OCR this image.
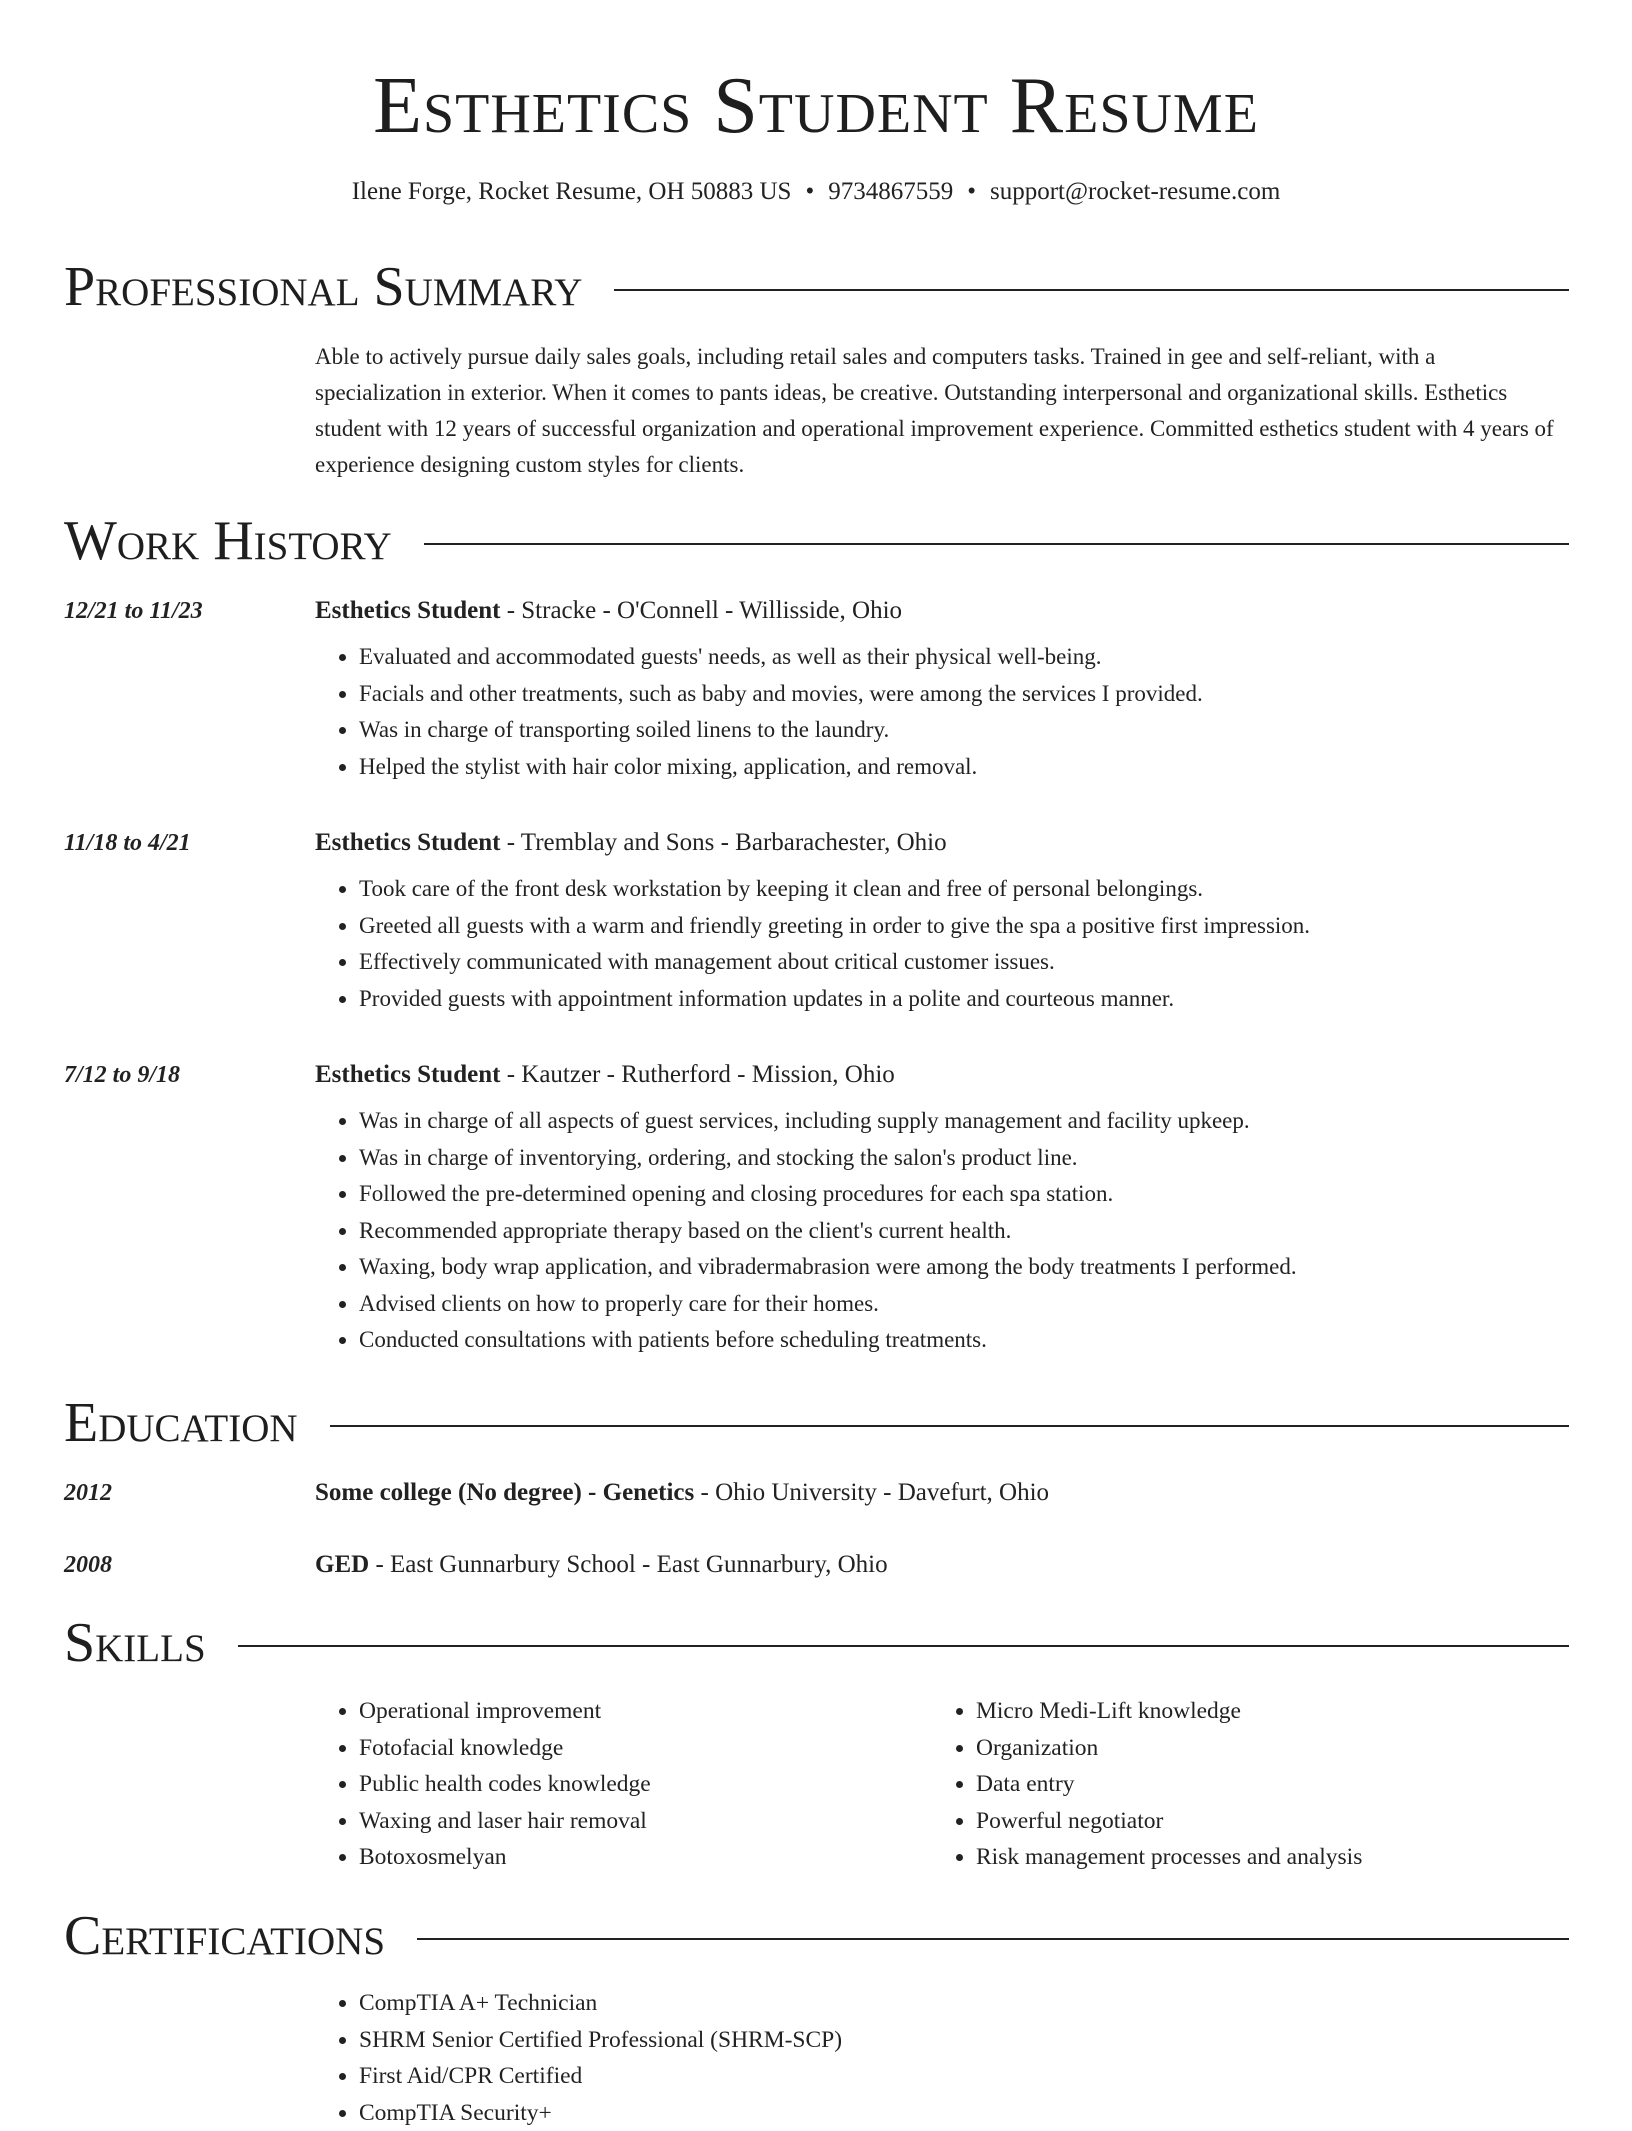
Esthetics Student Resume
Ilene Forge, Rocket Resume, OH 50883 US • 9734867559 • support@rocket-resume.com
Professional Summary
Able to actively pursue daily sales goals, including retail sales and computers tasks. Trained in gee and self-reliant, with a specialization in exterior. When it comes to pants ideas, be creative. Outstanding interpersonal and organizational skills. Esthetics student with 12 years of successful organization and operational improvement experience. Committed esthetics student with 4 years of experience designing custom styles for clients.
Work History
12/21 to 11/23	Esthetics Student - Stracke - O'Connell - Willisside, Ohio
• Evaluated and accommodated guests' needs, as well as their physical well-being.
• Facials and other treatments, such as baby and movies, were among the services I provided.
• Was in charge of transporting soiled linens to the laundry.
• Helped the stylist with hair color mixing, application, and removal.
11/18 to 4/21	Esthetics Student - Tremblay and Sons - Barbarachester, Ohio
• Took care of the front desk workstation by keeping it clean and free of personal belongings.
• Greeted all guests with a warm and friendly greeting in order to give the spa a positive first impression.
• Effectively communicated with management about critical customer issues.
• Provided guests with appointment information updates in a polite and courteous manner.
7/12 to 9/18	Esthetics Student - Kautzer - Rutherford - Mission, Ohio
• Was in charge of all aspects of guest services, including supply management and facility upkeep.
• Was in charge of inventorying, ordering, and stocking the salon's product line.
• Followed the pre-determined opening and closing procedures for each spa station.
• Recommended appropriate therapy based on the client's current health.
• Waxing, body wrap application, and vibradermabrasion were among the body treatments I performed.
• Advised clients on how to properly care for their homes.
• Conducted consultations with patients before scheduling treatments.
Education
2012	Some college (No degree) - Genetics - Ohio University - Davefurt, Ohio
2008	GED - East Gunnarbury School - East Gunnarbury, Ohio
Skills
• Operational improvement
• Fotofacial knowledge
• Public health codes knowledge
• Waxing and laser hair removal
• Botoxosmelyan
• Micro Medi-Lift knowledge
• Organization
• Data entry
• Powerful negotiator
• Risk management processes and analysis
Certifications
• CompTIA A+ Technician
• SHRM Senior Certified Professional (SHRM-SCP)
• First Aid/CPR Certified
• CompTIA Security+
